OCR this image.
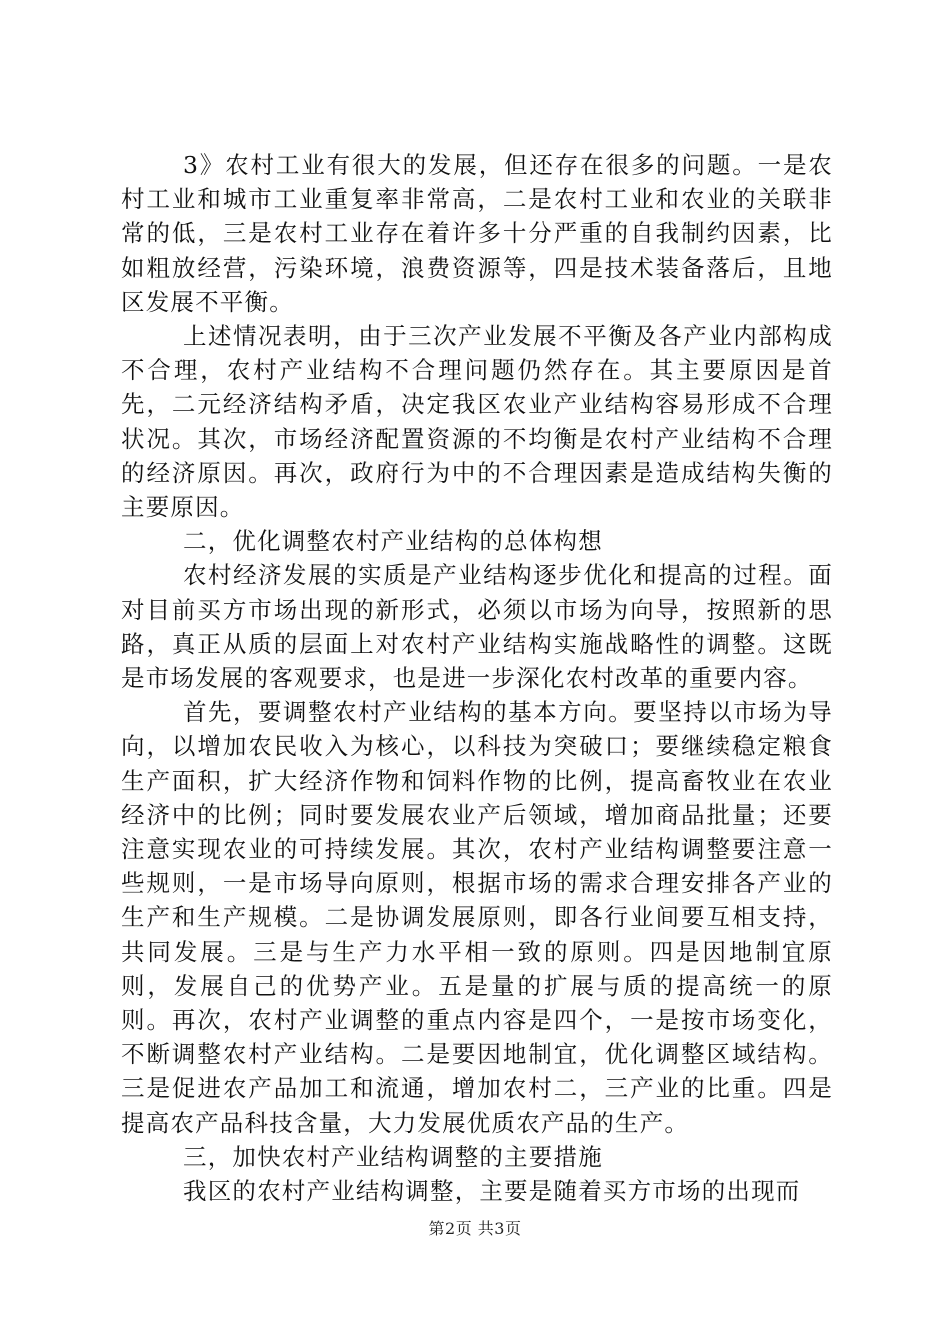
3》农村工业有很大的发展，但还存在很多的问题。一是农村工业和城市工业重复率非常高，二是农村工业和农业的关联非常的低，三是农村工业存在着许多十分严重的自我制约因素，比如粗放经营，污染环境，浪费资源等，四是技术装备落后，且地区发展不平衡。

上述情况表明，由于三次产业发展不平衡及各产业内部构成不合理，农村产业结构不合理问题仍然存在。其主要原因是首先，二元经济结构矛盾，决定我区农业产业结构容易形成不合理状况。其次，市场经济配置资源的不均衡是农村产业结构不合理的经济原因。再次，政府行为中的不合理因素是造成结构失衡的主要原因。

二，优化调整农村产业结构的总体构想

农村经济发展的实质是产业结构逐步优化和提高的过程。面对目前买方市场出现的新形式，必须以市场为向导，按照新的思路，真正从质的层面上对农村产业结构实施战略性的调整。这既是市场发展的客观要求，也是进一步深化农村改革的重要内容。

首先，要调整农村产业结构的基本方向。要坚持以市场为导向，以增加农民收入为核心，以科技为突破口；要继续稳定粮食生产面积，扩大经济作物和饲料作物的比例，提高畜牧业在农业经济中的比例；同时要发展农业产后领域，增加商品批量；还要注意实现农业的可持续发展。其次，农村产业结构调整要注意一些规则，一是市场导向原则，根据市场的需求合理安排各产业的生产和生产规模。二是协调发展原则，即各行业间要互相支持，共同发展。三是与生产力水平相一致的原则。四是因地制宜原则，发展自己的优势产业。五是量的扩展与质的提高统一的原则。再次，农村产业调整的重点内容是四个，一是按市场变化，不断调整农村产业结构。二是要因地制宜，优化调整区域结构。三是促进农产品加工和流通，增加农村二，三产业的比重。四是提高农产品科技含量，大力发展优质农产品的生产。

三，加快农村产业结构调整的主要措施

我区的农村产业结构调整，主要是随着买方市场的出现而

第2页 共3页
